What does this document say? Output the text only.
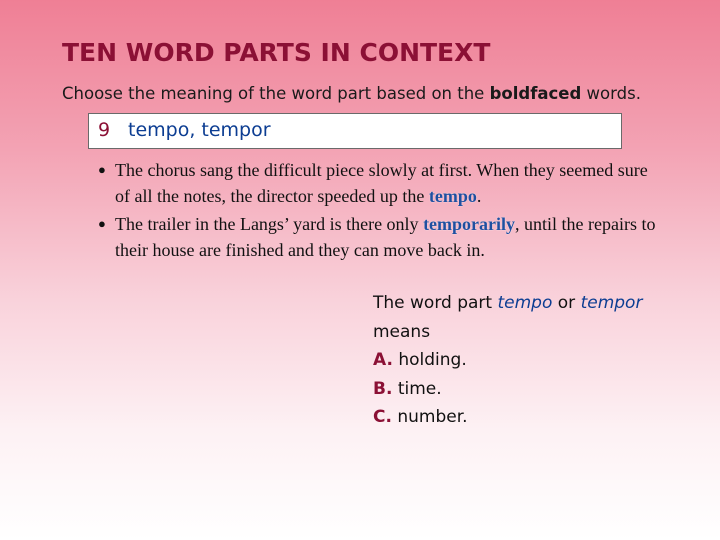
TEN WORD PARTS IN CONTEXT
Choose the meaning of the word part based on the boldfaced words.
9 tempo, tempor
● The chorus sang the difficult piece slowly at first. When they seemed sure of all the notes, the director speeded up the tempo.
● The trailer in the Langs’ yard is there only temporarily, until the repairs to their house are finished and they can move back in.
The word part tempo or tempor
means
A. holding.
B. time.
C. number.
